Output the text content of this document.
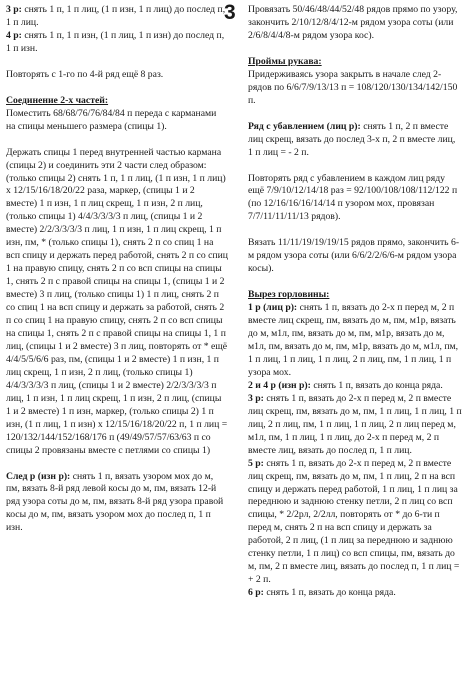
3 р: снять 1 п, 1 п лиц, (1 п изн, 1 п лиц) до послед п, 1 п лиц.

4 р: снять 1 п, 1 п изн, (1 п лиц, 1 п изн) до послед п, 1 п изн.

Повторять с 1-го по 4-й ряд ещё 8 раз.

Соединение 2-х частей:

Поместить 68/68/76/76/84/84 п переда с карманами на спицы меньшего размера (спицы 1).

Держать спицы 1 перед внутренней частью кармана (спицы 2) и соединить эти 2 части след образом: (только спицы 2) снять 1 п, 1 п лиц, (1 п изн, 1 п лиц) х 12/15/16/18/20/22 раза, маркер, (спицы 1 и 2 вместе) 1 п изн, 1 п лиц скрещ, 1 п изн, 2 п лиц, (только спицы 1) 4/4/3/3/3/3 п лиц, (спицы 1 и 2 вместе) 2/2/3/3/3/3 п лиц, 1 п изн, 1 п лиц скрещ, 1 п изн, пм, * (только спицы 1), снять 2 п со спиц 1 на всп спицу и держать перед работой, снять 2 п со спиц 1 на правую спицу, снять 2 п со всп спицы на спицы 1, снять 2 п с правой спицы на спицы 1, (спицы 1 и 2 вместе) 3 п лиц, (только спицы 1) 1 п лиц, снять 2 п со спиц 1 на всп спицу и держать за работой, снять 2 п со спиц 1 на правую спицу, снять 2 п со всп спицы на спицы 1, снять 2 п с правой спицы на спицы 1, 1 п лиц, (спицы 1 и 2 вместе) 3 п лиц, повторять от * ещё 4/4/5/5/6/6 раз, пм, (спицы 1 и 2 вместе) 1 п изн, 1 п лиц скрещ, 1 п изн, 2 п лиц, (только спицы 1) 4/4/3/3/3/3 п лиц, (спицы 1 и 2 вместе) 2/2/3/3/3/3 п лиц, 1 п изн, 1 п лиц скрещ, 1 п изн, 2 п лиц, (спицы 1 и 2 вместе) 1 п изн, маркер, (только спицы 2) 1 п изн, (1 п лиц, 1 п изн) х 12/15/16/18/20/22 п, 1 п лиц = 120/132/144/152/168/176 п (49/49/57/57/63/63 п со спицы 2 провязаны вместе с петлями со спицы 1)

След р (изн р): снять 1 п, вязать узором мох до м, пм, вязать 8-й ряд левой косы до м, пм, вязать 12-й ряд узора соты до м, пм, вязать 8-й ряд узора правой косы до м, пм, вязать узором мох до послед п, 1 п изн.

3 Провязать 50/46/48/44/52/48 рядов прямо по узору, закончить 2/10/12/8/4/12-м рядом узора соты (или 2/6/8/4/4/8-м рядом узора кос).

Проймы рукава:

Придерживаясь узора закрыть в начале след 2-рядов по 6/6/7/9/13/13 п = 108/120/130/134/142/150 п.

Ряд с убавлением (лиц р): снять 1 п, 2 п вместе лиц скрещ, вязать до послед 3-х п, 2 п вместе лиц, 1 п лиц = - 2 п.

Повторять ряд с убавлением в каждом лиц ряду ещё 7/9/10/12/14/18 раз = 92/100/108/108/112/122 п (по 12/16/16/16/14/14 п узором мох, провязан 7/7/11/11/11/13 рядов).

Вязать 11/11/19/19/19/15 рядов прямо, закончить 6-м рядом узора соты (или 6/6/2/2/6/6-м рядом узора косы).

Вырез горловины:

1 р (лиц р): снять 1 п, вязать до 2-х п перед м, 2 п вместе лиц скрещ, пм, вязать до м, пм, м1р, вязать до м, м1л, пм, вязать до м, пм, м1р, вязать до м, м1л, пм, вязать до м, пм, м1р, вязать до м, м1л, пм, 1 п лиц, 1 п лиц, 1 п лиц, 2 п лиц, пм, 1 п лиц, 1 п узора мох.

2 и 4 р (изн р): снять 1 п, вязать до конца ряда.

3 р: снять 1 п, вязать до 2-х п перед м, 2 п вместе лиц скрещ, пм, вязать до м, пм, 1 п лиц, 1 п лиц, 1 п лиц, 2 п лиц, пм, 1 п лиц, 1 п лиц, 2 п лиц перед м, м1л, пм, 1 п лиц, 1 п лиц, до 2-х п перед м, 2 п вместе лиц, вязать до послед п, 1 п лиц.

5 р: снять 1 п, вязать до 2-х п перед м, 2 п вместе лиц скрещ, пм, вязать до м, пм, 1 п лиц, 2 п на всп спицу и держать перед работой, 1 п лиц, 1 п лиц за переднюю и заднюю стенку петли, 2 п лиц со всп спицы, * 2/2рл, 2/2лл, повторять от * до 6-ти п перед м, снять 2 п на всп спицу и держать за работой, 2 п лиц, (1 п лиц за переднюю и заднюю стенку петли, 1 п лиц) со всп спицы, пм, вязать до м, пм, 2 п вместе лиц, вязать до послед п, 1 п лиц = + 2 п.

6 р: снять 1 п, вязать до конца ряда.
